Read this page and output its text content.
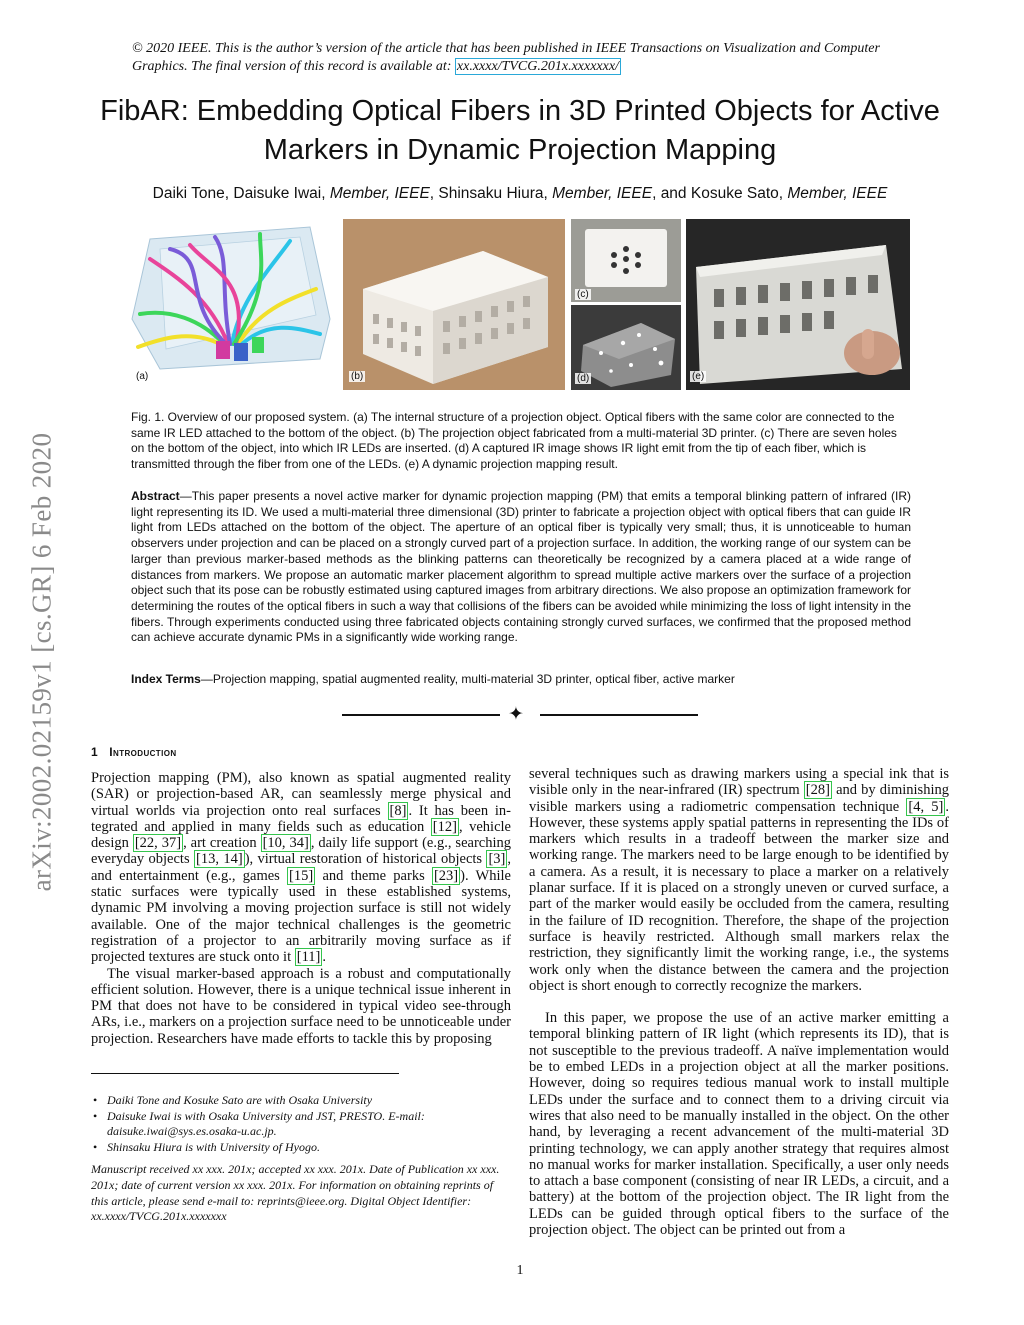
© 2020 IEEE. This is the author’s version of the article that has been published in IEEE Transactions on Visualization and Computer Graphics. The final version of this record is available at: xx.xxxx/TVCG.201x.xxxxxxx/
FibAR: Embedding Optical Fibers in 3D Printed Objects for Active Markers in Dynamic Projection Mapping
Daiki Tone, Daisuke Iwai, Member, IEEE, Shinsaku Hiura, Member, IEEE, and Kosuke Sato, Member, IEEE
arXiv:2002.02159v1 [cs.GR] 6 Feb 2020
(a)	(b)
(c)
(d)	(e)
Fig. 1. Overview of our proposed system. (a) The internal structure of a projection object. Optical fibers with the same color are connected to the same IR LED attached to the bottom of the object. (b) The projection object fabricated from a multi-material 3D printer. (c) There are seven holes on the bottom of the object, into which IR LEDs are inserted. (d) A captured IR image shows IR light emit from the tip of each fiber, which is transmitted through the fiber from one of the LEDs. (e) A dynamic projection mapping result.
Abstract—This paper presents a novel active marker for dynamic projection mapping (PM) that emits a temporal blinking pattern of infrared (IR) light representing its ID. We used a multi-material three dimensional (3D) printer to fabricate a projection object with optical fibers that can guide IR light from LEDs attached on the bottom of the object. The aperture of an optical fiber is typically very small; thus, it is unnoticeable to human observers under projection and can be placed on a strongly curved part of a projection surface. In addition, the working range of our system can be larger than previous marker-based methods as the blinking patterns can theoretically be recognized by a camera placed at a wide range of distances from markers. We propose an automatic marker placement algorithm to spread multiple active markers over the surface of a projection object such that its pose can be robustly estimated using captured images from arbitrary directions. We also propose an optimization framework for determining the routes of the optical fibers in such a way that collisions of the fibers can be avoided while minimizing the loss of light intensity in the fibers. Through experiments conducted using three fabricated objects containing strongly curved surfaces, we confirmed that the proposed method can achieve accurate dynamic PMs in a significantly wide working range.
Index Terms—Projection mapping, spatial augmented reality, multi-material 3D printer, optical fiber, active marker
✦
1 Introduction

Projection mapping (PM), also known as spatial augmented reality (SAR) or projection-based AR, can seamlessly merge physical and virtual worlds via projection onto real surfaces [8] . It has been in- tegrated and applied in many fields such as education [12] , vehicle design [22, 37] , art creation [10, 34] , daily life support (e.g., searching everyday objects [13, 14] ), virtual restoration of historical objects [3] , and entertainment (e.g., games [15] and theme parks [23] ). While static surfaces were typically used in these established systems, dynamic PM involving a moving projection surface is still not widely available. One of the major technical challenges is the geometric registration of a projector to an arbitrarily moving surface as if projected textures are stuck onto it [11] .

The visual marker-based approach is a robust and computationally efficient solution. However, there is a unique technical issue inherent in PM that does not have to be considered in typical video see-through ARs, i.e., markers on a projection surface need to be unnoticeable under projection. Researchers have made efforts to tackle this by proposing

several techniques such as drawing markers using a special ink that is visible only in the near-infrared (IR) spectrum [28] and by diminishing visible markers using a radiometric compensation technique [4, 5] . However, these systems apply spatial patterns in representing the IDs of markers which results in a tradeoff between the marker size and working range. The markers need to be large enough to be identified by a camera. As a result, it is necessary to place a marker on a relatively planar surface. If it is placed on a strongly uneven or curved surface, a part of the marker would easily be occluded from the camera, resulting in the failure of ID recognition. Therefore, the shape of the projection surface is heavily restricted. Although small markers relax the restriction, they significantly limit the working range, i.e., the systems work only when the distance between the camera and the projection object is short enough to correctly recognize the markers.

In this paper, we propose the use of an active marker emitting a temporal blinking pattern of IR light (which represents its ID), that is not susceptible to the previous tradeoff. A naïve implementation would be to embed LEDs in a projection object at all the marker positions. However, doing so requires tedious manual work to install multiple LEDs under the surface and to connect them to a driving circuit via wires that also need to be manually installed in the object. On the other hand, by leveraging a recent advancement of the multi-material 3D printing technology, we can apply another strategy that requires almost no manual works for marker installation. Specifically, a user only needs to attach a base component (consisting of near IR LEDs, a circuit, and a battery) at the bottom of the projection object. The IR light from the LEDs can be guided through optical fibers to the surface of the projection object. The object can be printed out from a

• Daiki Tone and Kosuke Sato are with Osaka University
• Daisuke Iwai is with Osaka University and JST, PRESTO. E-mail: daisuke.iwai@sys.es.osaka-u.ac.jp.
• Shinsaku Hiura is with University of Hyogo.

Manuscript received xx xxx. 201x; accepted xx xxx. 201x. Date of Publication xx xxx. 201x; date of current version xx xxx. 201x. For information on obtaining reprints of this article, please send e-mail to: reprints@ieee.org. Digital Object Identifier: xx.xxxx/TVCG.201x.xxxxxxx

1
